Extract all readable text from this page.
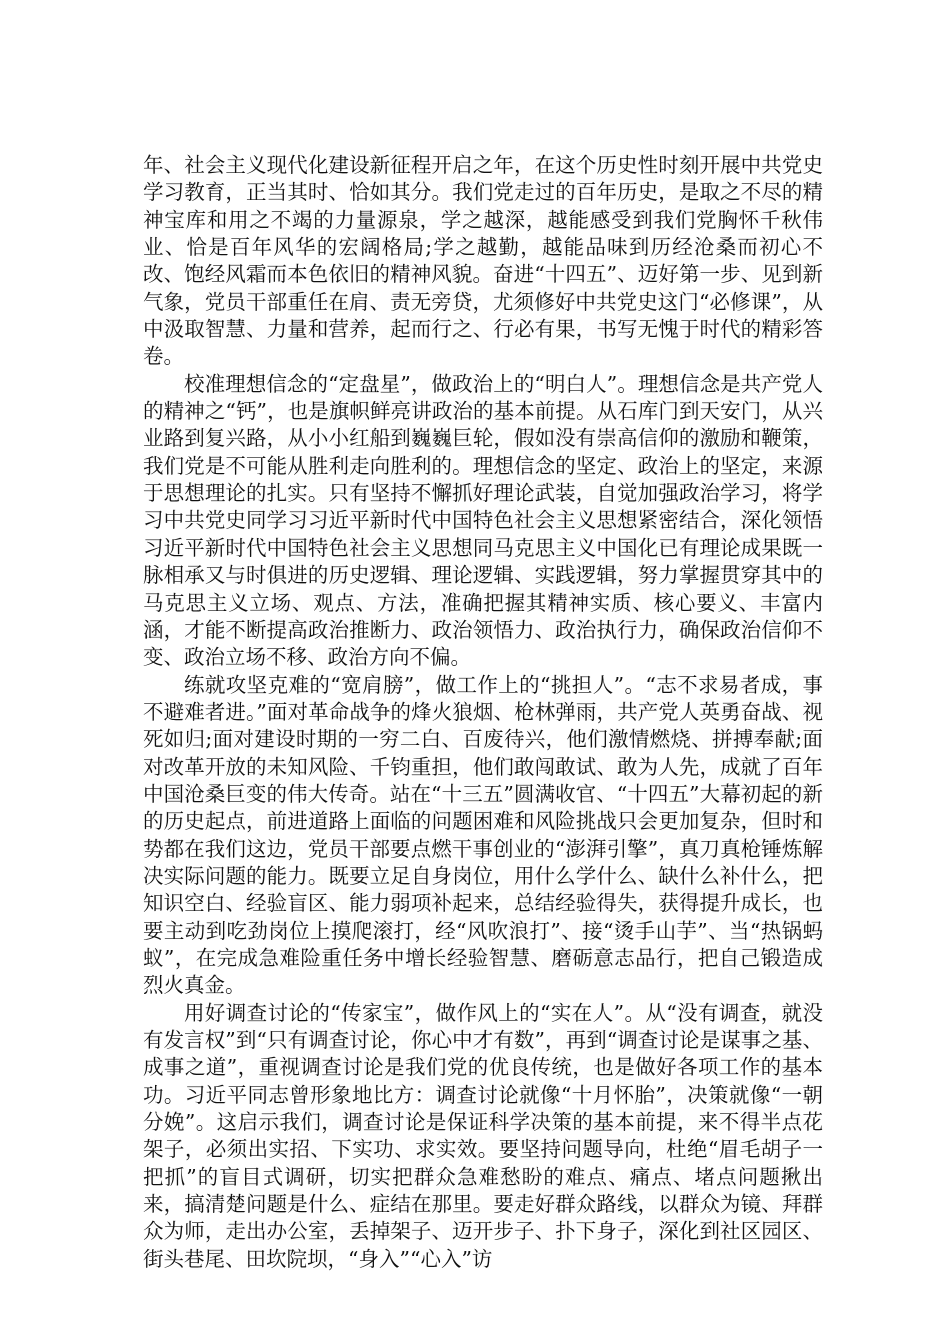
年、社会主义现代化建设新征程开启之年，在这个历史性时刻开展中共党史学习教育，正当其时、恰如其分。我们党走过的百年历史，是取之不尽的精神宝库和用之不竭的力量源泉，学之越深，越能感受到我们党胸怀千秋伟业、恰是百年风华的宏阔格局;学之越勤，越能品味到历经沧桑而初心不改、饱经风霜而本色依旧的精神风貌。奋进“十四五”、迈好第一步、见到新气象，党员干部重任在肩、责无旁贷，尤须修好中共党史这门“必修课”，从中汲取智慧、力量和营养，起而行之、行必有果，书写无愧于时代的精彩答卷。

校准理想信念的“定盘星”，做政治上的“明白人”。理想信念是共产党人的精神之“钙”，也是旗帜鲜亮讲政治的基本前提。从石库门到天安门，从兴业路到复兴路，从小小红船到巍巍巨轮，假如没有崇高信仰的激励和鞭策，我们党是不可能从胜利走向胜利的。理想信念的坚定、政治上的坚定，来源于思想理论的扎实。只有坚持不懈抓好理论武装，自觉加强政治学习，将学习中共党史同学习习近平新时代中国特色社会主义思想紧密结合，深化领悟习近平新时代中国特色社会主义思想同马克思主义中国化已有理论成果既一脉相承又与时俱进的历史逻辑、理论逻辑、实践逻辑，努力掌握贯穿其中的马克思主义立场、观点、方法，准确把握其精神实质、核心要义、丰富内涵，才能不断提高政治推断力、政治领悟力、政治执行力，确保政治信仰不变、政治立场不移、政治方向不偏。

练就攻坚克难的“宽肩膀”，做工作上的“挑担人”。“志不求易者成，事不避难者进。”面对革命战争的烽火狼烟、枪林弹雨，共产党人英勇奋战、视死如归;面对建设时期的一穷二白、百废待兴，他们激情燃烧、拼搏奉献;面对改革开放的未知风险、千钧重担，他们敢闯敢试、敢为人先，成就了百年中国沧桑巨变的伟大传奇。站在“十三五”圆满收官、“十四五”大幕初起的新的历史起点，前进道路上面临的问题困难和风险挑战只会更加复杂，但时和势都在我们这边，党员干部要点燃干事创业的“澎湃引擎”，真刀真枪锤炼解决实际问题的能力。既要立足自身岗位，用什么学什么、缺什么补什么，把知识空白、经验盲区、能力弱项补起来，总结经验得失，获得提升成长，也要主动到吃劲岗位上摸爬滚打，经“风吹浪打”、接“烫手山芋”、当“热锅蚂蚁”，在完成急难险重任务中增长经验智慧、磨砺意志品行，把自己锻造成烈火真金。

用好调查讨论的“传家宝”，做作风上的“实在人”。从“没有调查，就没有发言权”到“只有调查讨论，你心中才有数”，再到“调查讨论是谋事之基、成事之道”，重视调查讨论是我们党的优良传统，也是做好各项工作的基本功。习近平同志曾形象地比方：调查讨论就像“十月怀胎”，决策就像“一朝分娩”。这启示我们，调查讨论是保证科学决策的基本前提，来不得半点花架子，必须出实招、下实功、求实效。要坚持问题导向，杜绝“眉毛胡子一把抓”的盲目式调研，切实把群众急难愁盼的难点、痛点、堵点问题揪出来，搞清楚问题是什么、症结在那里。要走好群众路线，以群众为镜、拜群众为师，走出办公室，丢掉架子、迈开步子、扑下身子，深化到社区园区、街头巷尾、田坎院坝，“身入”“心入”访
